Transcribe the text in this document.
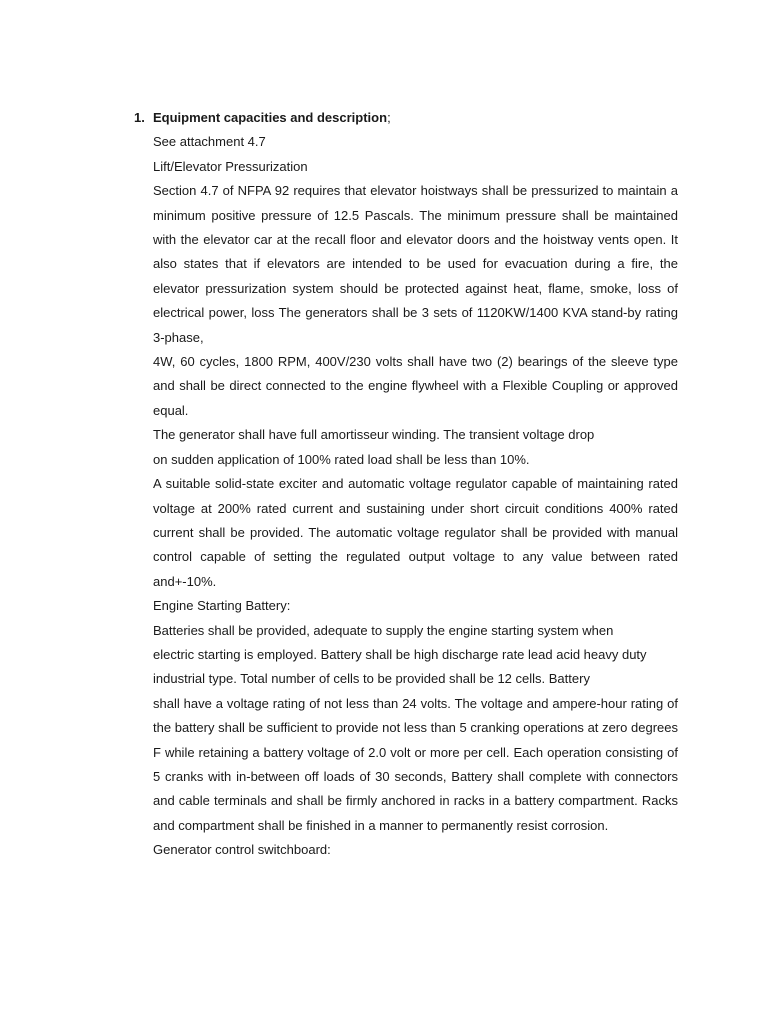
1. Equipment capacities and description;
See attachment 4.7
Lift/Elevator Pressurization
Section 4.7 of NFPA 92 requires that elevator hoistways shall be pressurized to maintain a minimum positive pressure of 12.5 Pascals. The minimum pressure shall be maintained with the elevator car at the recall floor and elevator doors and the hoistway vents open. It also states that if elevators are intended to be used for evacuation during a fire, the elevator pressurization system should be protected against heat, flame, smoke, loss of electrical power, loss The generators shall be 3 sets of 1120KW/1400 KVA stand-by rating 3-phase,
4W, 60 cycles, 1800 RPM, 400V/230 volts shall have two (2) bearings of the sleeve type and shall be direct connected to the engine flywheel with a Flexible Coupling or approved equal.
The generator shall have full amortisseur winding. The transient voltage drop
on sudden application of 100% rated load shall be less than 10%.
A suitable solid-state exciter and automatic voltage regulator capable of maintaining rated voltage at 200% rated current and sustaining under short circuit conditions 400% rated current shall be provided. The automatic voltage regulator shall be provided with manual control capable of setting the regulated output voltage to any value between rated and+-10%.
Engine Starting Battery:
Batteries shall be provided, adequate to supply the engine starting system when
electric starting is employed. Battery shall be high discharge rate lead acid heavy duty
industrial type. Total number of cells to be provided shall be 12 cells. Battery
shall have a voltage rating of not less than 24 volts. The voltage and ampere-hour rating of the battery shall be sufficient to provide not less than 5 cranking operations at zero degrees F while retaining a battery voltage of 2.0 volt or more per cell. Each operation consisting of 5 cranks with in-between off loads of 30 seconds, Battery shall complete with connectors and cable terminals and shall be firmly anchored in racks in a battery compartment. Racks and compartment shall be finished in a manner to permanently resist corrosion.
Generator control switchboard:
